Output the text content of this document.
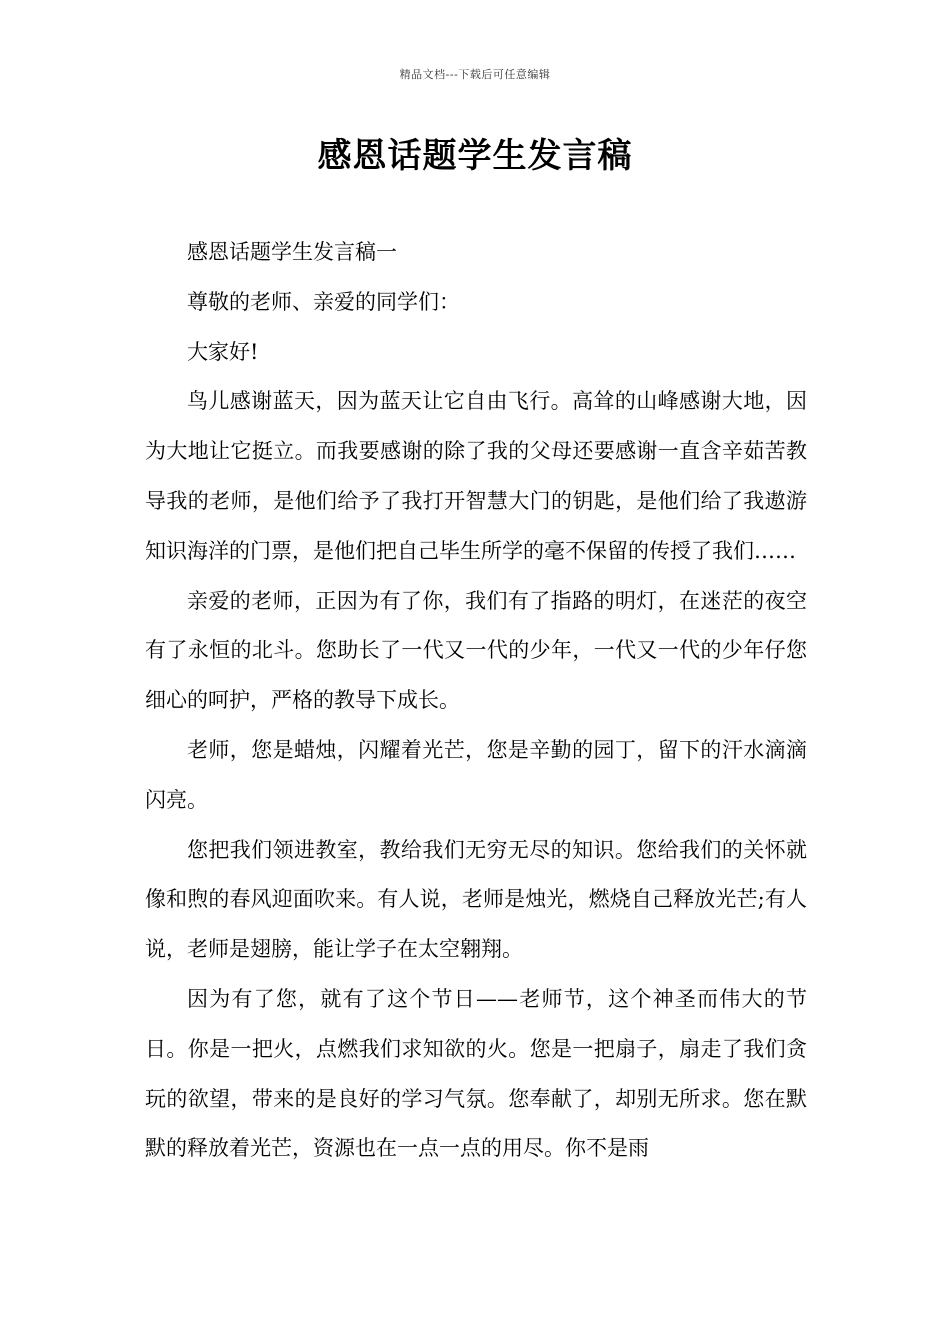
精品文档---下载后可任意编辑
感恩话题学生发言稿

感恩话题学生发言稿一

尊敬的老师、亲爱的同学们：

大家好!

鸟儿感谢蓝天，因为蓝天让它自由飞行。高耸的山峰感谢大地，因为大地让它挺立。而我要感谢的除了我的父母还要感谢一直含辛茹苦教导我的老师，是他们给予了我打开智慧大门的钥匙，是他们给了我遨游知识海洋的门票，是他们把自己毕生所学的毫不保留的传授了我们……

亲爱的老师，正因为有了你，我们有了指路的明灯，在迷茫的夜空有了永恒的北斗。您助长了一代又一代的少年，一代又一代的少年仔您细心的呵护，严格的教导下成长。

老师，您是蜡烛，闪耀着光芒，您是辛勤的园丁，留下的汗水滴滴闪亮。

您把我们领进教室，教给我们无穷无尽的知识。您给我们的关怀就像和煦的春风迎面吹来。有人说，老师是烛光，燃烧自己释放光芒;有人说，老师是翅膀，能让学子在太空翱翔。

因为有了您，就有了这个节日——老师节，这个神圣而伟大的节日。你是一把火，点燃我们求知欲的火。您是一把扇子，扇走了我们贪玩的欲望，带来的是良好的学习气氛。您奉献了，却别无所求。您在默默的释放着光芒，资源也在一点一点的用尽。你不是雨
